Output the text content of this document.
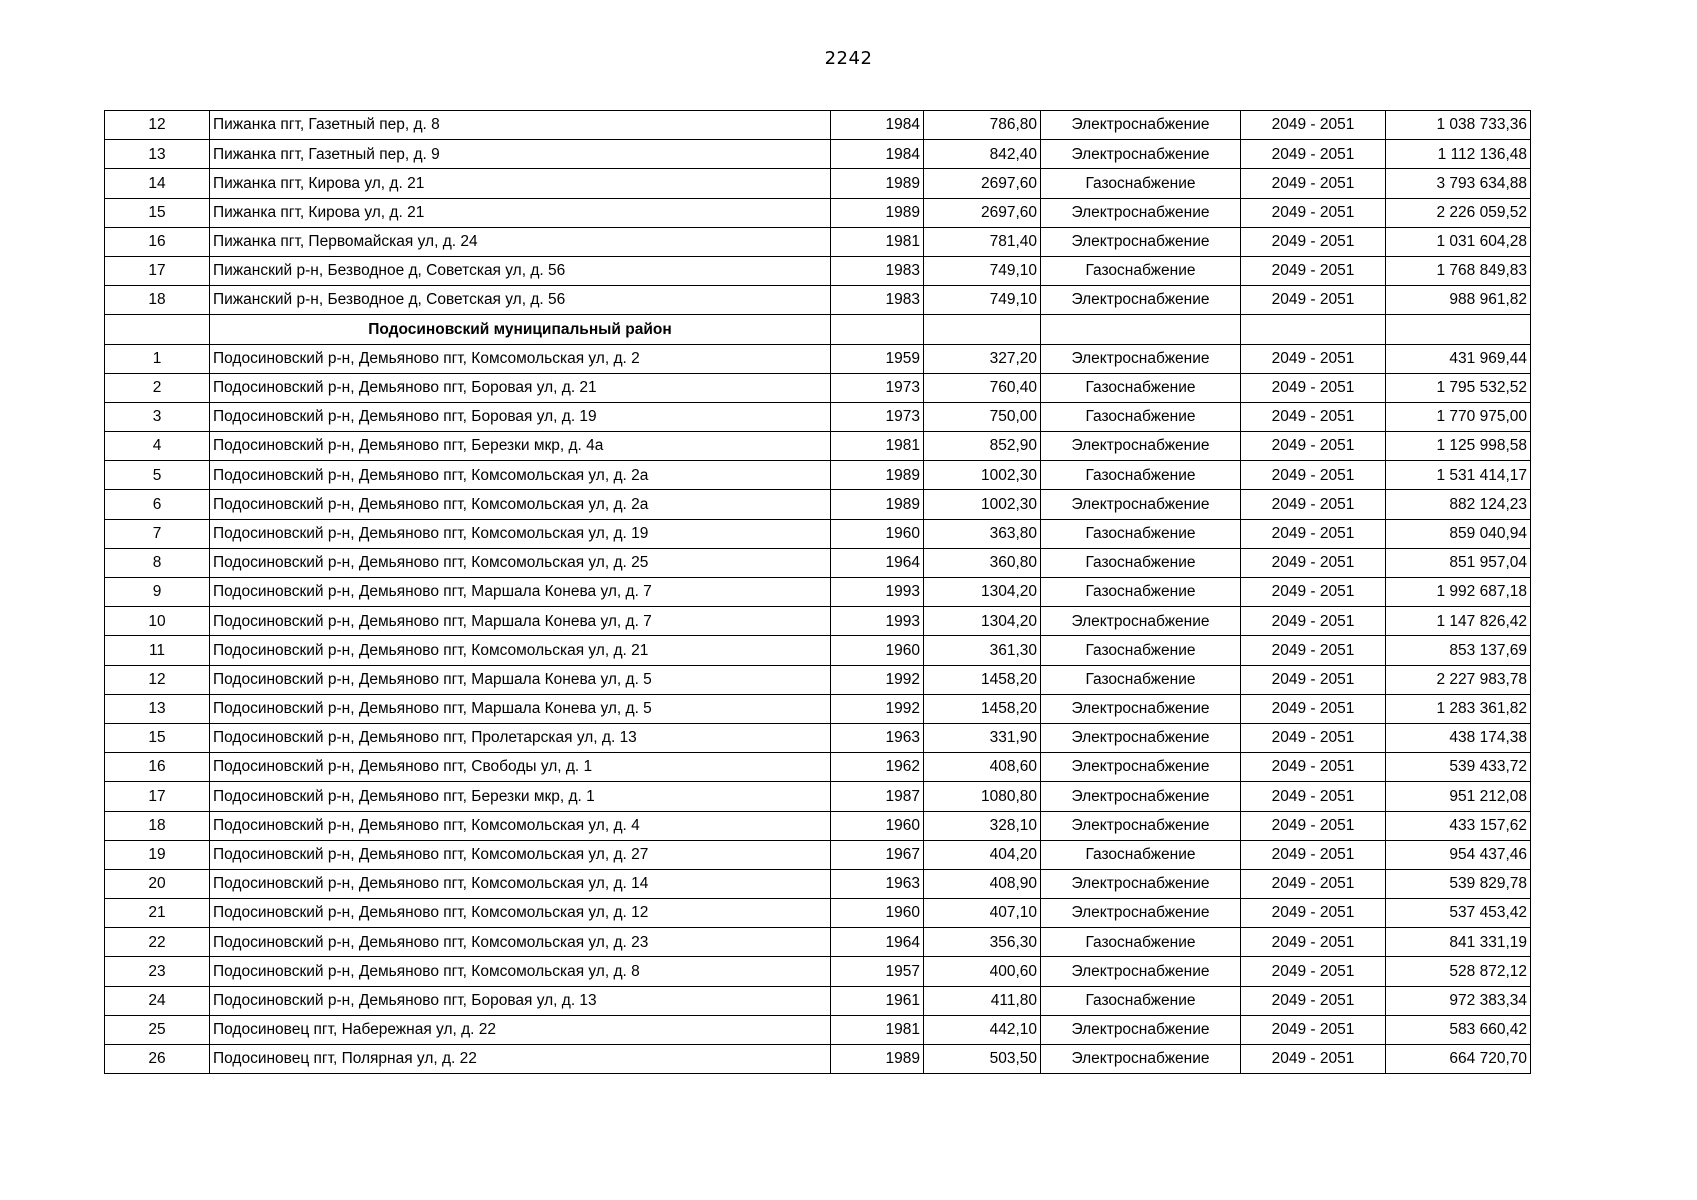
2242
12	Пижанка пгт, Газетный пер, д. 8	1984	786,80	Электроснабжение	2049 - 2051	1 038 733,36
13	Пижанка пгт, Газетный пер, д. 9	1984	842,40	Электроснабжение	2049 - 2051	1 112 136,48
14	Пижанка пгт, Кирова ул, д. 21	1989	2697,60	Газоснабжение	2049 - 2051	3 793 634,88
15	Пижанка пгт, Кирова ул, д. 21	1989	2697,60	Электроснабжение	2049 - 2051	2 226 059,52
16	Пижанка пгт, Первомайская ул, д. 24	1981	781,40	Электроснабжение	2049 - 2051	1 031 604,28
17	Пижанский р-н, Безводное д, Советская ул, д. 56	1983	749,10	Газоснабжение	2049 - 2051	1 768 849,83
18	Пижанский р-н, Безводное д, Советская ул, д. 56	1983	749,10	Электроснабжение	2049 - 2051	988 961,82
	Подосиновский муниципальный район					
1	Подосиновский р-н, Демьяново пгт, Комсомольская ул, д. 2	1959	327,20	Электроснабжение	2049 - 2051	431 969,44
2	Подосиновский р-н, Демьяново пгт, Боровая ул, д. 21	1973	760,40	Газоснабжение	2049 - 2051	1 795 532,52
3	Подосиновский р-н, Демьяново пгт, Боровая ул, д. 19	1973	750,00	Газоснабжение	2049 - 2051	1 770 975,00
4	Подосиновский р-н, Демьяново пгт, Березки мкр, д. 4а	1981	852,90	Электроснабжение	2049 - 2051	1 125 998,58
5	Подосиновский р-н, Демьяново пгт, Комсомольская ул, д. 2а	1989	1002,30	Газоснабжение	2049 - 2051	1 531 414,17
6	Подосиновский р-н, Демьяново пгт, Комсомольская ул, д. 2а	1989	1002,30	Электроснабжение	2049 - 2051	882 124,23
7	Подосиновский р-н, Демьяново пгт, Комсомольская ул, д. 19	1960	363,80	Газоснабжение	2049 - 2051	859 040,94
8	Подосиновский р-н, Демьяново пгт, Комсомольская ул, д. 25	1964	360,80	Газоснабжение	2049 - 2051	851 957,04
9	Подосиновский р-н, Демьяново пгт, Маршала Конева ул, д. 7	1993	1304,20	Газоснабжение	2049 - 2051	1 992 687,18
10	Подосиновский р-н, Демьяново пгт, Маршала Конева ул, д. 7	1993	1304,20	Электроснабжение	2049 - 2051	1 147 826,42
11	Подосиновский р-н, Демьяново пгт, Комсомольская ул, д. 21	1960	361,30	Газоснабжение	2049 - 2051	853 137,69
12	Подосиновский р-н, Демьяново пгт, Маршала Конева ул, д. 5	1992	1458,20	Газоснабжение	2049 - 2051	2 227 983,78
13	Подосиновский р-н, Демьяново пгт, Маршала Конева ул, д. 5	1992	1458,20	Электроснабжение	2049 - 2051	1 283 361,82
15	Подосиновский р-н, Демьяново пгт, Пролетарская ул, д. 13	1963	331,90	Электроснабжение	2049 - 2051	438 174,38
16	Подосиновский р-н, Демьяново пгт, Свободы ул, д. 1	1962	408,60	Электроснабжение	2049 - 2051	539 433,72
17	Подосиновский р-н, Демьяново пгт, Березки мкр, д. 1	1987	1080,80	Электроснабжение	2049 - 2051	951 212,08
18	Подосиновский р-н, Демьяново пгт, Комсомольская ул, д. 4	1960	328,10	Электроснабжение	2049 - 2051	433 157,62
19	Подосиновский р-н, Демьяново пгт, Комсомольская ул, д. 27	1967	404,20	Газоснабжение	2049 - 2051	954 437,46
20	Подосиновский р-н, Демьяново пгт, Комсомольская ул, д. 14	1963	408,90	Электроснабжение	2049 - 2051	539 829,78
21	Подосиновский р-н, Демьяново пгт, Комсомольская ул, д. 12	1960	407,10	Электроснабжение	2049 - 2051	537 453,42
22	Подосиновский р-н, Демьяново пгт, Комсомольская ул, д. 23	1964	356,30	Газоснабжение	2049 - 2051	841 331,19
23	Подосиновский р-н, Демьяново пгт, Комсомольская ул, д. 8	1957	400,60	Электроснабжение	2049 - 2051	528 872,12
24	Подосиновский р-н, Демьяново пгт, Боровая ул, д. 13	1961	411,80	Газоснабжение	2049 - 2051	972 383,34
25	Подосиновец пгт, Набережная ул, д. 22	1981	442,10	Электроснабжение	2049 - 2051	583 660,42
26	Подосиновец пгт, Полярная ул, д. 22	1989	503,50	Электроснабжение	2049 - 2051	664 720,70
